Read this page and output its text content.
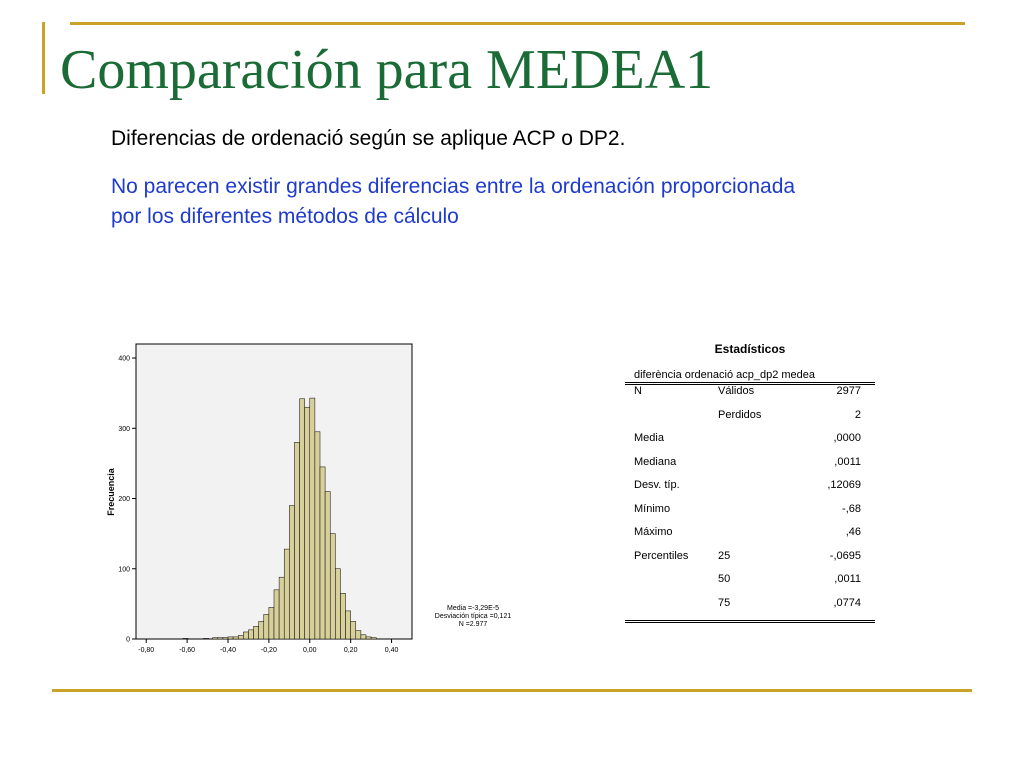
Comparación para MEDEA1

Diferencias de ordenació según se aplique ACP o DP2.

No parecen existir grandes diferencias entre la ordenación proporcionada por los diferentes métodos de cálculo

0
100
200
300
400
-0,80	-0,60	-0,40	-0,20	0,00	0,20	0,40
Frecuencia
Media =-3,29E-5
Desviación típica =0,121
N =2.977
Estadísticos
diferència ordenació acp_dp2 medea
N	Válidos	2977
	Perdidos	2
Media		,0000
Mediana		,0011
Desv. típ.		,12069
Mínimo		-,68
Máximo		,46
Percentiles	25	-,0695
	50	,0011
	75	,0774
